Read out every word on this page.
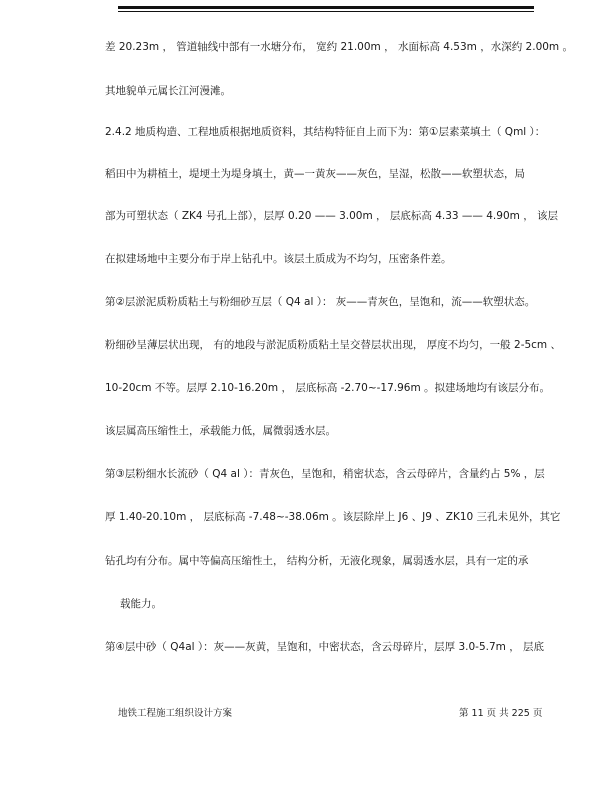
差 20.23m ， 管道轴线中部有一水塘分布， 宽约 21.00m ， 水面标高 4.53m ，水深约 2.00m 。
其地貌单元属长江河漫滩。
2.4.2 地质构造、工程地质根据地质资料，其结构特征自上而下为：第①层素菜填土（ Qml ）：
稻田中为耕植土，堤埂土为堤身填土，黄—一黄灰——灰色，呈湿，松散——软塑状态，局
部为可塑状态（ ZK4 号孔上部），层厚 0.20 —— 3.00m ， 层底标高 4.33 —— 4.90m ， 该层
在拟建场地中主要分布于岸上钻孔中。该层土质成为不均匀，压密条件差。
第②层淤泥质粉质粘土与粉细砂互层（ Q4 al ）： 灰——青灰色，呈饱和，流——软塑状态。
粉细砂呈薄层状出现， 有的地段与淤泥质粉质粘土呈交替层状出现， 厚度不均匀，一般 2-5cm 、
10-20cm 不等。层厚 2.10-16.20m ， 层底标高 -2.70~-17.96m 。拟建场地均有该层分布。
该层属高压缩性土，承载能力低，属微弱透水层。
第③层粉细水长流砂（ Q4 al ）：青灰色，呈饱和，稍密状态，含云母碎片，含量约占 5% ，层
厚 1.40-20.10m ， 层底标高 -7.48~-38.06m 。该层除岸上 J6 、J9 、ZK10 三孔未见外，其它
钻孔均有分布。属中等偏高压缩性土， 结构分析，无液化现象，属弱透水层，具有一定的承
载能力。
第④层中砂（ Q4al ）：灰——灰黄，呈饱和，中密状态，含云母碎片，层厚 3.0-5.7m ， 层底
地铁工程施工组织设计方案	第 11 页 共 225 页
